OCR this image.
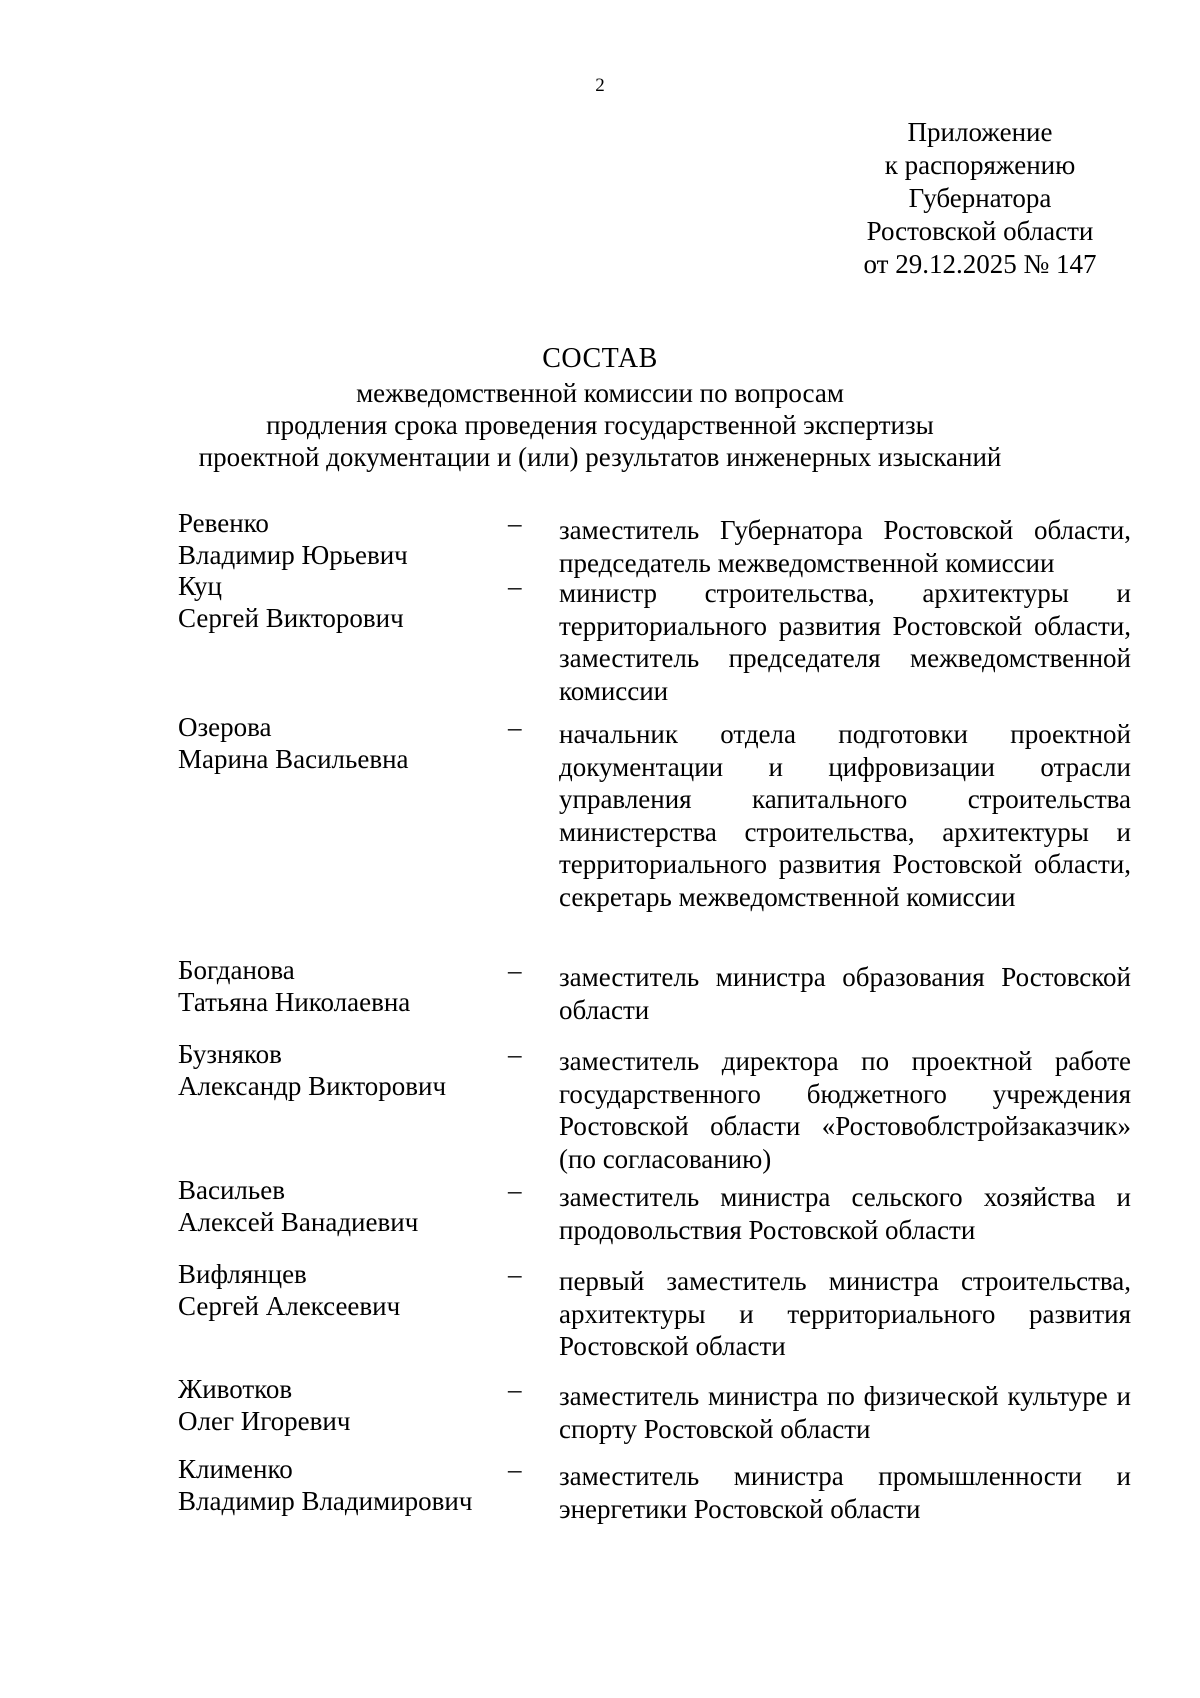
2
Приложение
к распоряжению
Губернатора
Ростовской области
от 29.12.2025 № 147
СОСТАВ
межведомственной комиссии по вопросам
продления срока проведения государственной экспертизы
проектной документации и (или) результатов инженерных изысканий
Ревенко
Владимир Юрьевич
–	заместитель Губернатора Ростовской области, председатель межведомственной комиссии
Куц
Сергей Викторович
–	министр строительства, архитектуры и территориального развития Ростовской области, заместитель председателя межведомственной комиссии
Озерова
Марина Васильевна
–	начальник отдела подготовки проектной документации и цифровизации отрасли управления капитального строительства министерства строительства, архитектуры и территориального развития Ростовской области, секретарь межведомственной комиссии
Богданова
Татьяна Николаевна
–	заместитель министра образования Ростовской области
Бузняков
Александр Викторович
–	заместитель директора по проектной работе государственного бюджетного учреждения Ростовской области «Ростовоблстройзаказчик» (по согласованию)
Васильев
Алексей Ванадиевич
–	заместитель министра сельского хозяйства и продовольствия Ростовской области
Вифлянцев
Сергей Алексеевич
–	первый заместитель министра строительства, архитектуры и территориального развития Ростовской области
Животков
Олег Игоревич
–	заместитель министра по физической культуре и спорту Ростовской области
Клименко
Владимир Владимирович
–	заместитель министра промышленности и энергетики Ростовской области
